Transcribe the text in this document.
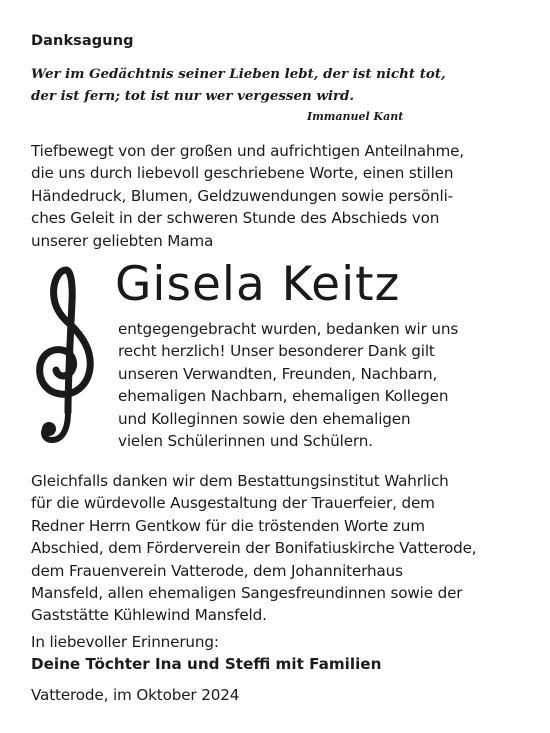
Danksagung
Wer im Gedächtnis seiner Lieben lebt, der ist nicht tot,
der ist fern; tot ist nur wer vergessen wird.
Immanuel Kant
Tiefbewegt von der großen und aufrichtigen Anteilnahme,
die uns durch liebevoll geschriebene Worte, einen stillen
Händedruck, Blumen, Geldzuwendungen sowie persönli-
ches Geleit in der schweren Stunde des Abschieds von
unserer geliebten Mama
Gisela Keitz
entgegengebracht wurden, bedanken wir uns
recht herzlich! Unser besonderer Dank gilt
unseren Verwandten, Freunden, Nachbarn,
ehemaligen Nachbarn, ehemaligen Kollegen
und Kolleginnen sowie den ehemaligen
vielen Schülerinnen und Schülern.
Gleichfalls danken wir dem Bestattungsinstitut Wahrlich
für die würdevolle Ausgestaltung der Trauerfeier, dem
Redner Herrn Gentkow für die tröstenden Worte zum
Abschied, dem Förderverein der Bonifatiuskirche Vatterode,
dem Frauenverein Vatterode, dem Johanniterhaus
Mansfeld, allen ehemaligen Sangesfreundinnen sowie der
Gaststätte Kühlewind Mansfeld.
In liebevoller Erinnerung:
Deine Töchter Ina und Steffi mit Familien
Vatterode, im Oktober 2024
